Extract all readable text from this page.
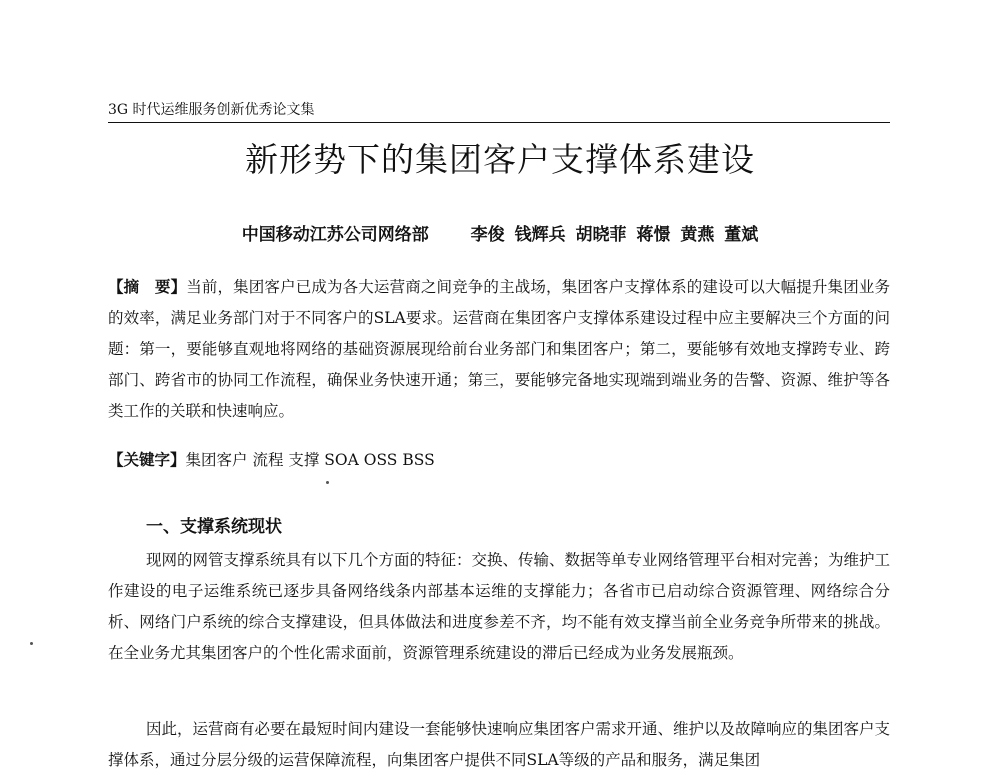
3G 时代运维服务创新优秀论文集
新形势下的集团客户支撑体系建设
中国移动江苏公司网络部 李俊 钱辉兵 胡晓菲 蒋憬 黄燕 董斌
【摘　要】当前，集团客户已成为各大运营商之间竞争的主战场，集团客户支撑体系的建设可以大幅提升集团业务的效率，满足业务部门对于不同客户的SLA要求。运营商在集团客户支撑体系建设过程中应主要解决三个方面的问题：第一，要能够直观地将网络的基础资源展现给前台业务部门和集团客户；第二，要能够有效地支撑跨专业、跨部门、跨省市的协同工作流程，确保业务快速开通；第三，要能够完备地实现端到端业务的告警、资源、维护等各类工作的关联和快速响应。
【关键字】集团客户 流程 支撑 SOA OSS BSS
一、支撑系统现状
现网的网管支撑系统具有以下几个方面的特征：交换、传输、数据等单专业网络管理平台相对完善；为维护工作建设的电子运维系统已逐步具备网络线条内部基本运维的支撑能力；各省市已启动综合资源管理、网络综合分析、网络门户系统的综合支撑建设，但具体做法和进度参差不齐，均不能有效支撑当前全业务竞争所带来的挑战。在全业务尤其集团客户的个性化需求面前，资源管理系统建设的滞后已经成为业务发展瓶颈。
因此，运营商有必要在最短时间内建设一套能够快速响应集团客户需求开通、维护以及故障响应的集团客户支撑体系，通过分层分级的运营保障流程，向集团客户提供不同SLA等级的产品和服务，满足集团
